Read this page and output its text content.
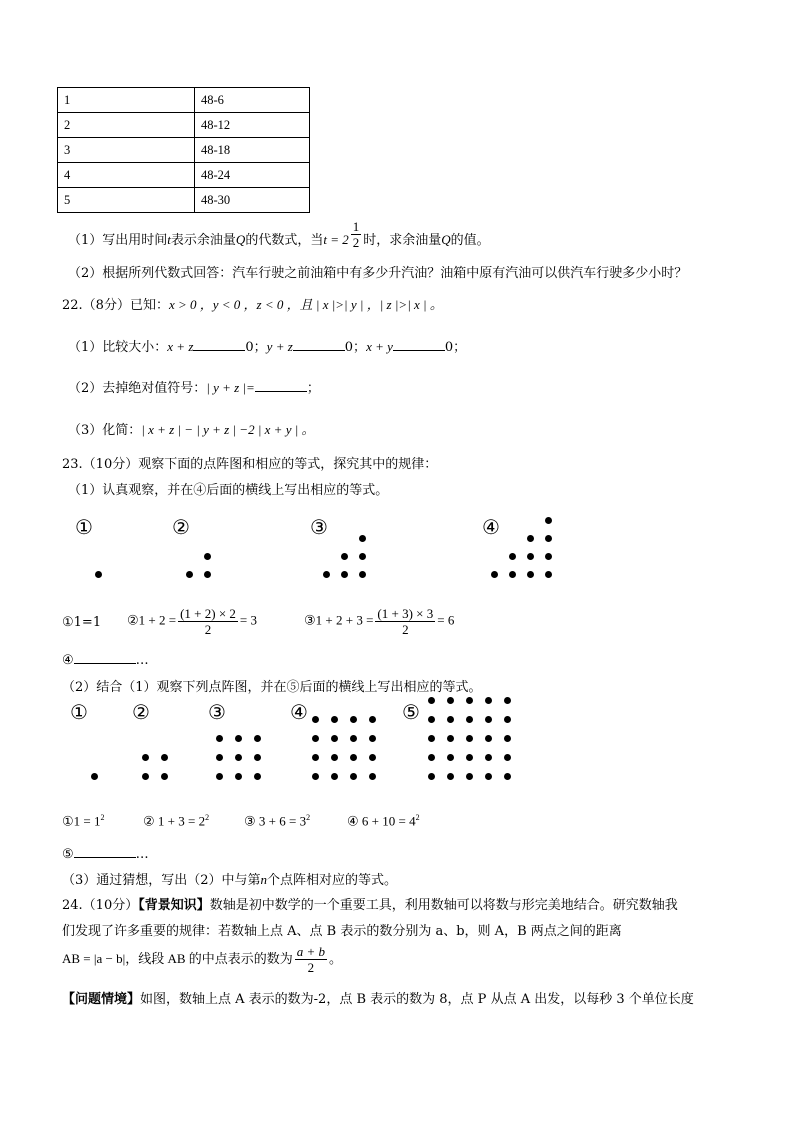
1	48-6
2	48-12
3	48-18
4	48-24
5	48-30
（1）写出用时间t表示余油量Q的代数式，当$t = 2 \frac{1}{2}$ 时，求余油量Q的值。
（2）根据所列代数式回答：汽车行驶之前油箱中有多少升汽油？油箱中原有汽油可以供汽车行驶多少小时？
22.（8分）已知：x > 0 ，y < 0 ，z < 0 ，且 | x |>| y | ，| z |>| x | 。
（1）比较大小：x + z	0；y + z	0；x + y	0；
（2）去掉绝对值符号：| y + z |=	；
（3）化简：| x + z | − | y + z | −2 | x + y | 。
23.（10分）观察下面的点阵图和相应的等式，探究其中的规律：
（1）认真观察，并在④后面的横线上写出相应的等式。
①	②	③	④
①1=1 ②1 + $2 = \frac{(1 + 2) \times 2}{2} = 3$	③1 + $2 + 3 = \frac{(1 + 3) \times 3}{2} = 6$
④	…
（2）结合（1）观察下列点阵图，并在⑤后面的横线上写出相应的等式。
① ②	③	④	⑤
①1 = $1^2$	② $1 + 3 = 2^2$	③ $3 + 6 = 3^2$	④ $6 + 10 = 4^2$
⑤	…
（3）通过猜想，写出（2）中与第n个点阵相对应的等式。
24.（10分）【背景知识】数轴是初中数学的一个重要工具，利用数轴可以将数与形完美地结合。研究数轴我
们发现了许多重要的规律：若数轴上点 A、点 B 表示的数分别为 a、b，则 A，B 两点之间的距离
AB = |a − b|，线段 AB 的中点表示的数为 $\frac{a + b}{2}$ 。
【问题情境】如图，数轴上点 A 表示的数为-2，点 B 表示的数为 8，点 P 从点 A 出发，以每秒 3 个单位长度
